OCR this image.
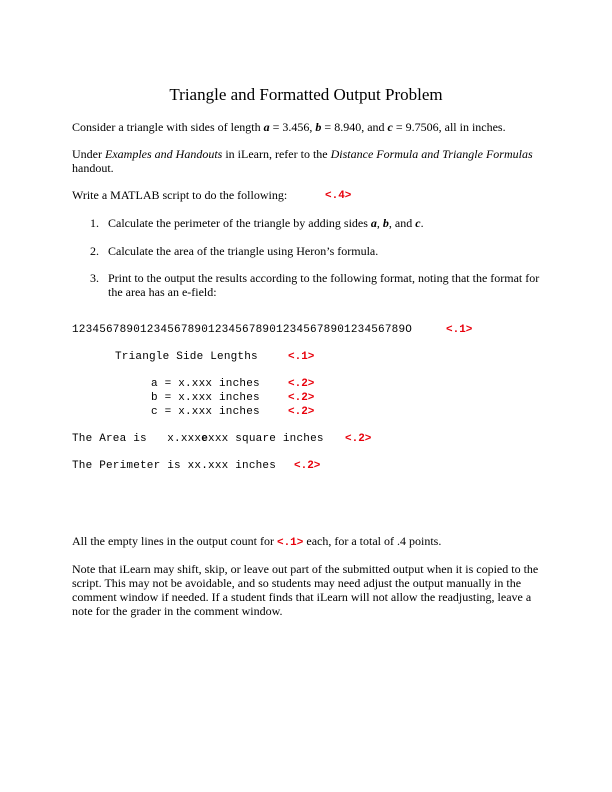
Triangle and Formatted Output Problem
Consider a triangle with sides of length a = 3.456, b = 8.940, and c = 9.7506, all in inches.
Under Examples and Handouts in iLearn, refer to the Distance Formula and Triangle Formulas
handout.
Write a MATLAB script to do the following:	<.4>
1. Calculate the perimeter of the triangle by adding sides a, b, and c.
2. Calculate the area of the triangle using Heron’s formula.
3. Print to the output the results according to the following format, noting that the format for
the area has an e-field:
1234567890123456789012345678901234567890123456789O	<.1>
Triangle Side Lengths	<.1>
a = x.xxx inches	<.2>
b = x.xxx inches	<.2>
c = x.xxx inches	<.2>
The Area is   x.xxxexxx square inches <.2>
The Perimeter is xx.xxx inches <.2>
All the empty lines in the output count for <.1> each, for a total of .4 points.
Note that iLearn may shift, skip, or leave out part of the submitted output when it is copied to the
script. This may not be avoidable, and so students may need adjust the output manually in the
comment window if needed. If a student finds that iLearn will not allow the readjusting, leave a
note for the grader in the comment window.
